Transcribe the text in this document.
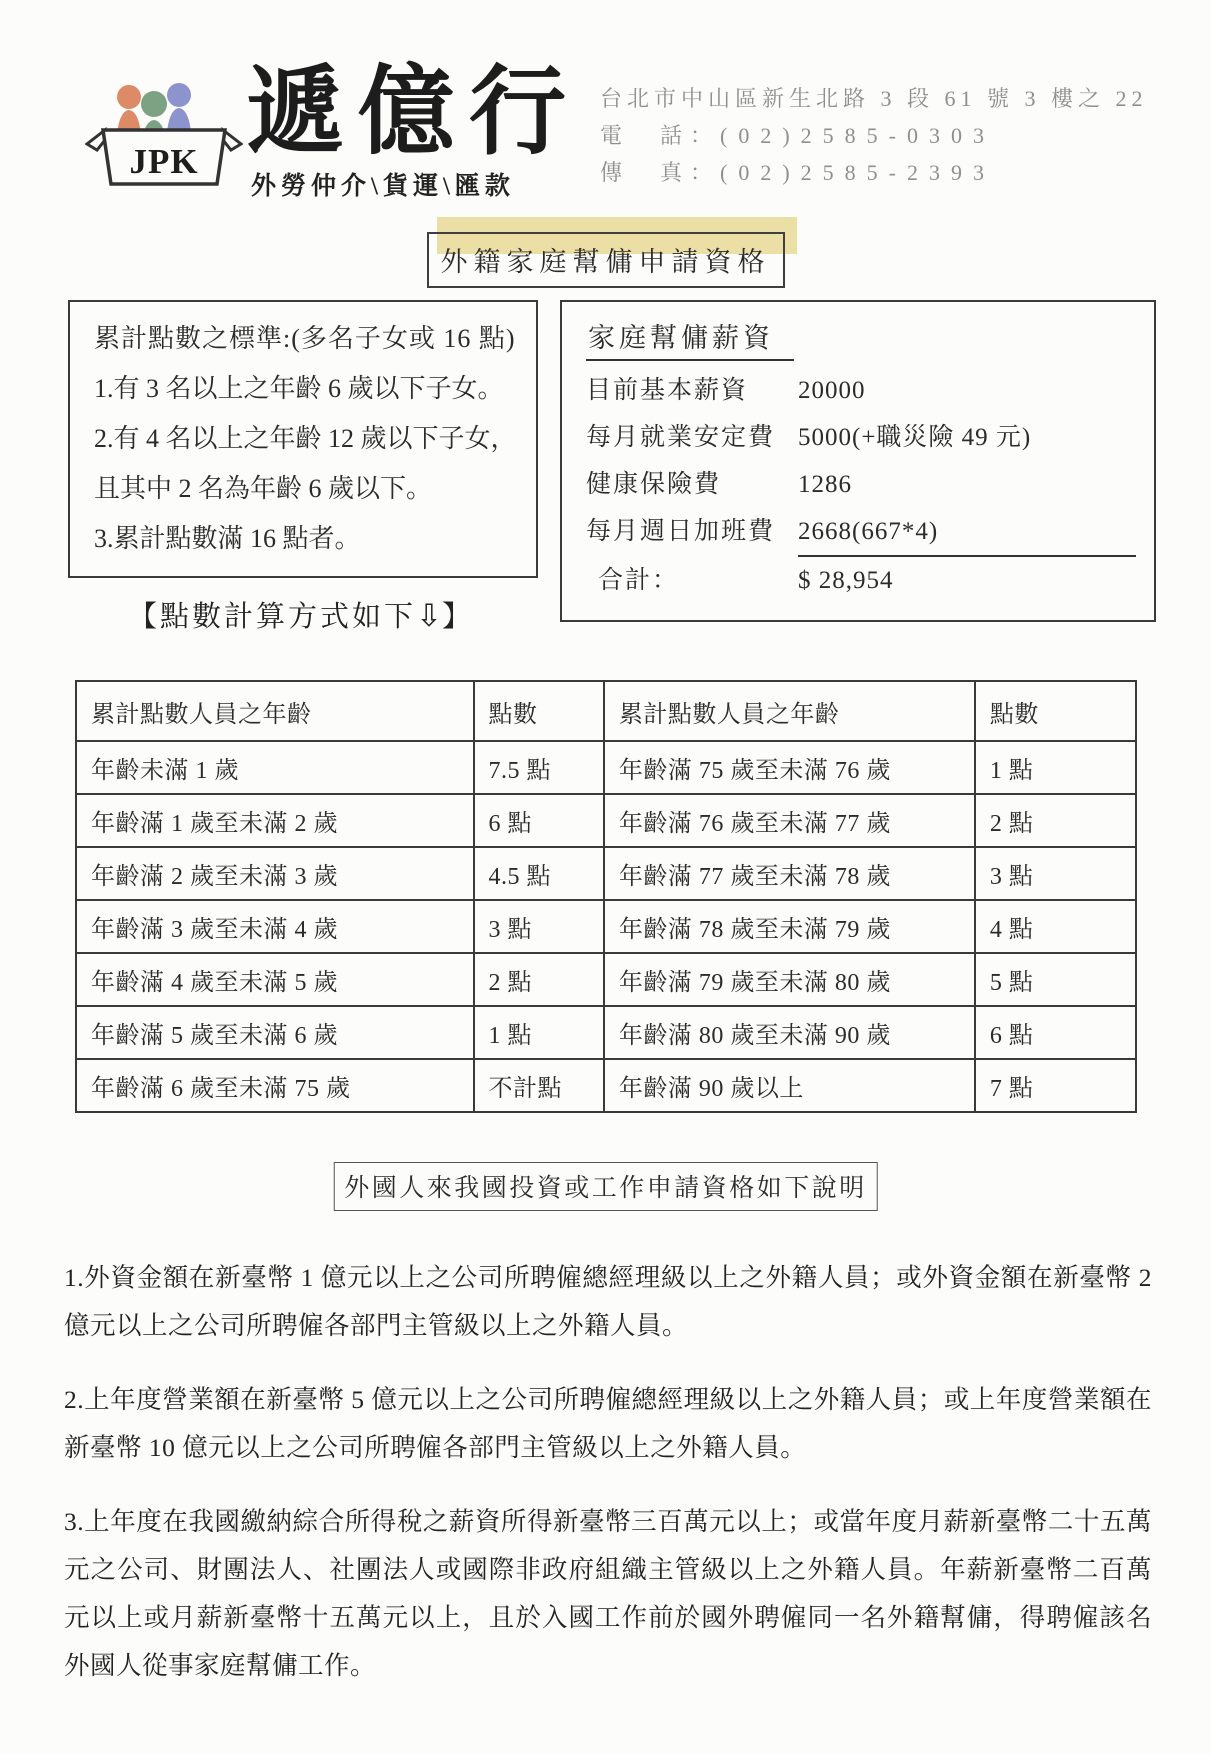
JPK 遞億行
外勞仲介\貨運\匯款
台北市中山區新生北路 3 段 61 號 3 樓之 22
電　話：(02)2585-0303
傳　真：(02)2585-2393
外籍家庭幫傭申請資格
累計點數之標準:(多名子女或 16 點)
1.有 3 名以上之年齡 6 歲以下子女。
2.有 4 名以上之年齡 12 歲以下子女，
且其中 2 名為年齡 6 歲以下。
3.累計點數滿 16 點者。
家庭幫傭薪資
目前基本薪資	20000
每月就業安定費 5000(+職災險 49 元)
健康保險費	1286
每月週日加班費 2668(667*4)
合計：	$ 28,954
【點數計算方式如下⇩】
累計點數人員之年齡	點數	累計點數人員之年齡	點數
年齡未滿 1 歲	7.5 點	年齡滿 75 歲至未滿 76 歲	1 點
年齡滿 1 歲至未滿 2 歲	6 點	年齡滿 76 歲至未滿 77 歲	2 點
年齡滿 2 歲至未滿 3 歲	4.5 點	年齡滿 77 歲至未滿 78 歲	3 點
年齡滿 3 歲至未滿 4 歲	3 點	年齡滿 78 歲至未滿 79 歲	4 點
年齡滿 4 歲至未滿 5 歲	2 點	年齡滿 79 歲至未滿 80 歲	5 點
年齡滿 5 歲至未滿 6 歲	1 點	年齡滿 80 歲至未滿 90 歲	6 點
年齡滿 6 歲至未滿 75 歲	不計點	年齡滿 90 歲以上	7 點
外國人來我國投資或工作申請資格如下說明

1.外資金額在新臺幣 1 億元以上之公司所聘僱總經理級以上之外籍人員；或外資金額在新臺幣 2 億元以上之公司所聘僱各部門主管級以上之外籍人員。

2.上年度營業額在新臺幣 5 億元以上之公司所聘僱總經理級以上之外籍人員；或上年度營業額在新臺幣 10 億元以上之公司所聘僱各部門主管級以上之外籍人員。

3.上年度在我國繳納綜合所得稅之薪資所得新臺幣三百萬元以上；或當年度月薪新臺幣二十五萬元之公司、財團法人、社團法人或國際非政府組織主管級以上之外籍人員。年薪新臺幣二百萬元以上或月薪新臺幣十五萬元以上，且於入國工作前於國外聘僱同一名外籍幫傭，得聘僱該名外國人從事家庭幫傭工作。
